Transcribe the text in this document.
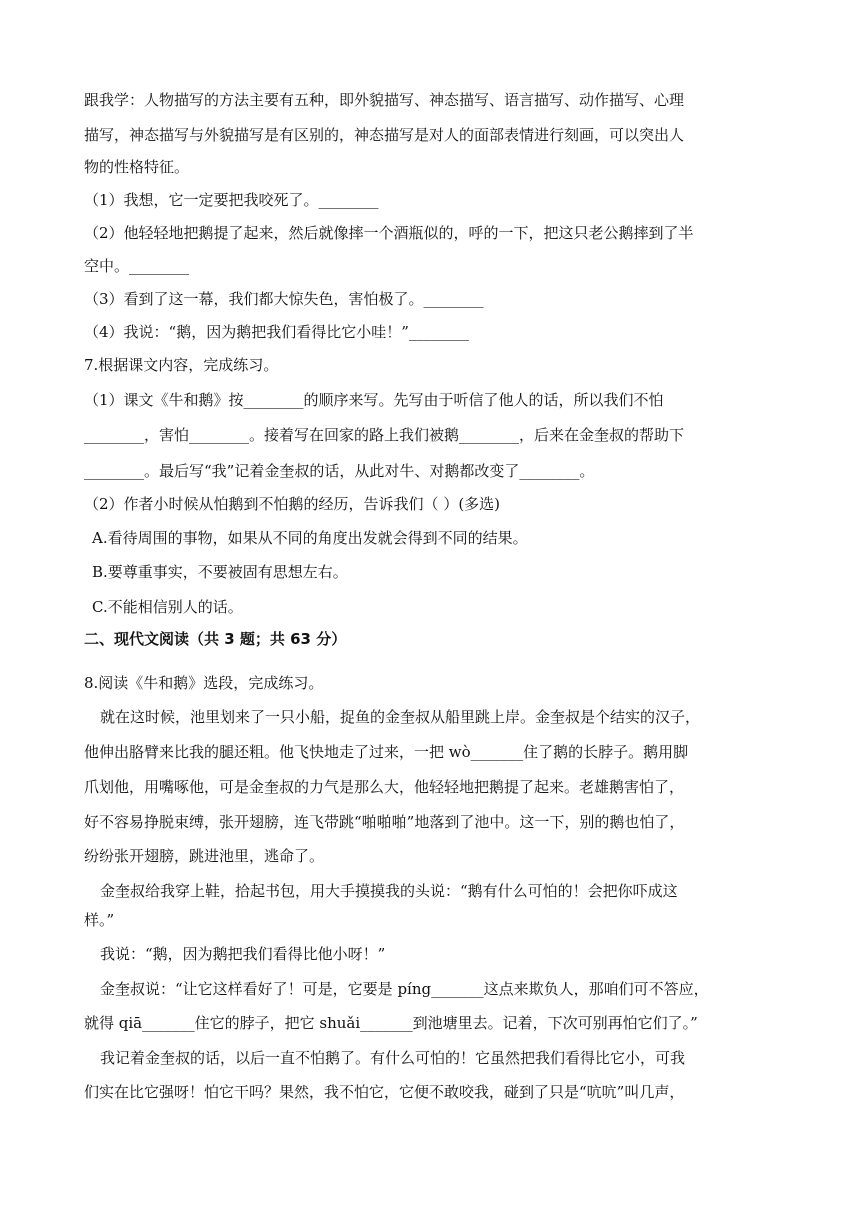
跟我学：人物描写的方法主要有五种，即外貌描写、神态描写、语言描写、动作描写、心理
描写，神态描写与外貌描写是有区别的，神态描写是对人的面部表情进行刻画，可以突出人
物的性格特征。
（1）我想，它一定要把我咬死了。________
（2）他轻轻地把鹅提了起来，然后就像摔一个酒瓶似的，呼的一下，把这只老公鹅摔到了半
空中。________
（3）看到了这一幕，我们都大惊失色，害怕极了。________
（4）我说：“鹅，因为鹅把我们看得比它小哇！”________
7.根据课文内容，完成练习。
（1）课文《牛和鹅》按________的顺序来写。先写由于听信了他人的话，所以我们不怕
________，害怕________。接着写在回家的路上我们被鹅________，后来在金奎叔的帮助下
________。最后写“我”记着金奎叔的话，从此对牛、对鹅都改变了________。
（2）作者小时候从怕鹅到不怕鹅的经历，告诉我们（ ）(多选)
A.看待周围的事物，如果从不同的角度出发就会得到不同的结果。
B.要尊重事实，不要被固有思想左右。
C.不能相信别人的话。
二、现代文阅读（共 3 题；共 63 分）
8.阅读《牛和鹅》选段，完成练习。
就在这时候，池里划来了一只小船，捉鱼的金奎叔从船里跳上岸。金奎叔是个结实的汉子，
他伸出胳臂来比我的腿还粗。他飞快地走了过来，一把 wò_______住了鹅的长脖子。鹅用脚
爪划他，用嘴啄他，可是金奎叔的力气是那么大，他轻轻地把鹅提了起来。老雄鹅害怕了，
好不容易挣脱束缚，张开翅膀，连飞带跳“啪啪啪”地落到了池中。这一下，别的鹅也怕了，
纷纷张开翅膀，跳进池里，逃命了。
金奎叔给我穿上鞋，拾起书包，用大手摸摸我的头说：“鹅有什么可怕的！会把你吓成这
样。”
我说：“鹅，因为鹅把我们看得比他小呀！”
金奎叔说：“让它这样看好了！可是，它要是 píng_______这点来欺负人，那咱们可不答应，
就得 qiā_______住它的脖子，把它 shuǎi_______到池塘里去。记着，下次可别再怕它们了。”
我记着金奎叔的话，以后一直不怕鹅了。有什么可怕的！它虽然把我们看得比它小，可我
们实在比它强呀！怕它干吗？果然，我不怕它，它便不敢咬我，碰到了只是“吭吭”叫几声，
